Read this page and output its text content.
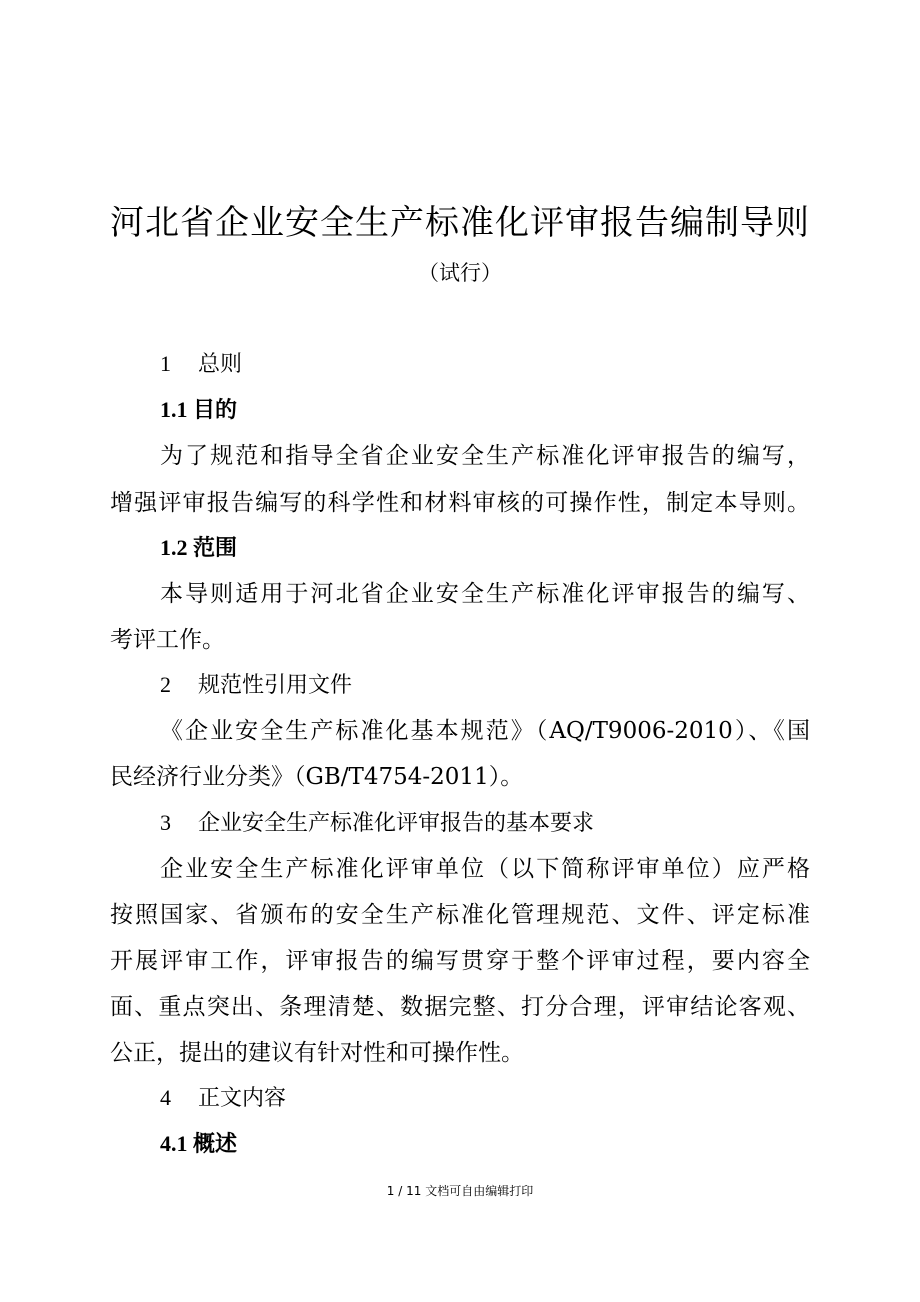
河北省企业安全生产标准化评审报告编制导则
（试行）
1 总则
1.1 目的
为了规范和指导全省企业安全生产标准化评审报告的编写，
增强评审报告编写的科学性和材料审核的可操作性，制定本导则。
1.2 范围
本导则适用于河北省企业安全生产标准化评审报告的编写、
考评工作。
2 规范性引用文件
《企业安全生产标准化基本规范》（AQ/T9006-2010）、《国
民经济行业分类》（GB/T4754-2011）。
3 企业安全生产标准化评审报告的基本要求
企业安全生产标准化评审单位（以下简称评审单位）应严格
按照国家、省颁布的安全生产标准化管理规范、文件、评定标准
开展评审工作，评审报告的编写贯穿于整个评审过程，要内容全
面、重点突出、条理清楚、数据完整、打分合理，评审结论客观、
公正，提出的建议有针对性和可操作性。
4 正文内容
4.1 概述
1 / 11 文档可自由编辑打印
